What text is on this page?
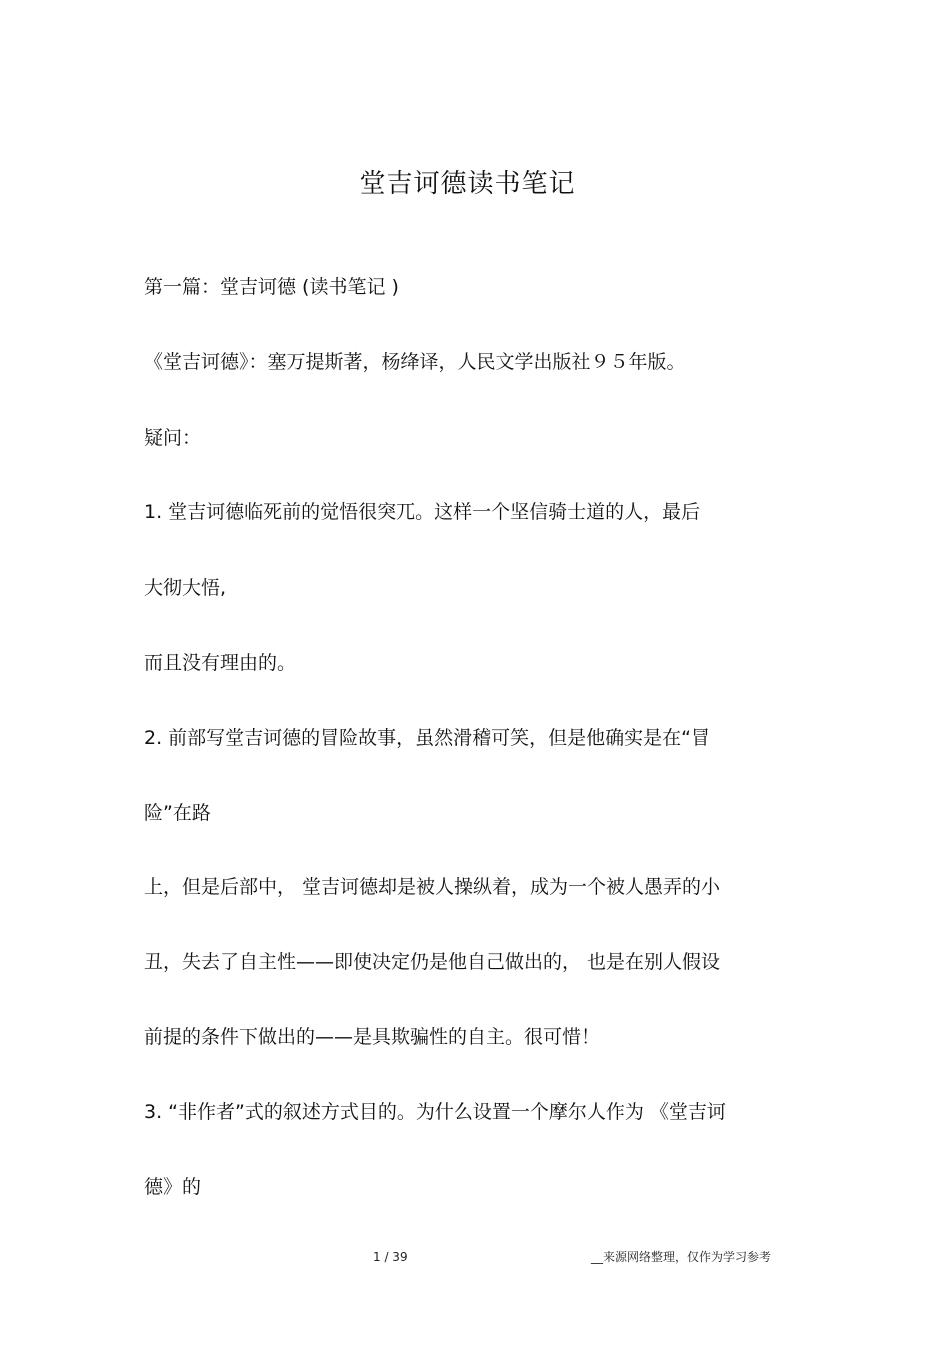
堂吉诃德读书笔记
第一篇：堂吉诃德 (读书笔记 )
《堂吉诃德》：塞万提斯著，杨绛译，人民文学出版社９５年版。
疑问：
1. 堂吉诃德临死前的觉悟很突兀。这样一个坚信骑士道的人，最后
大彻大悟,
而且没有理由的。
2. 前部写堂吉诃德的冒险故事，虽然滑稽可笑，但是他确实是在“冒
险”在路
上，但是后部中， 堂吉诃德却是被人操纵着，成为一个被人愚弄的小
丑，失去了自主性——即使决定仍是他自己做出的， 也是在别人假设
前提的条件下做出的——是具欺骗性的自主。很可惜！
3. “非作者”式的叙述方式目的。为什么设置一个摩尔人作为 《堂吉诃
德》的
1 / 39	__来源网络整理，仅作为学习参考
